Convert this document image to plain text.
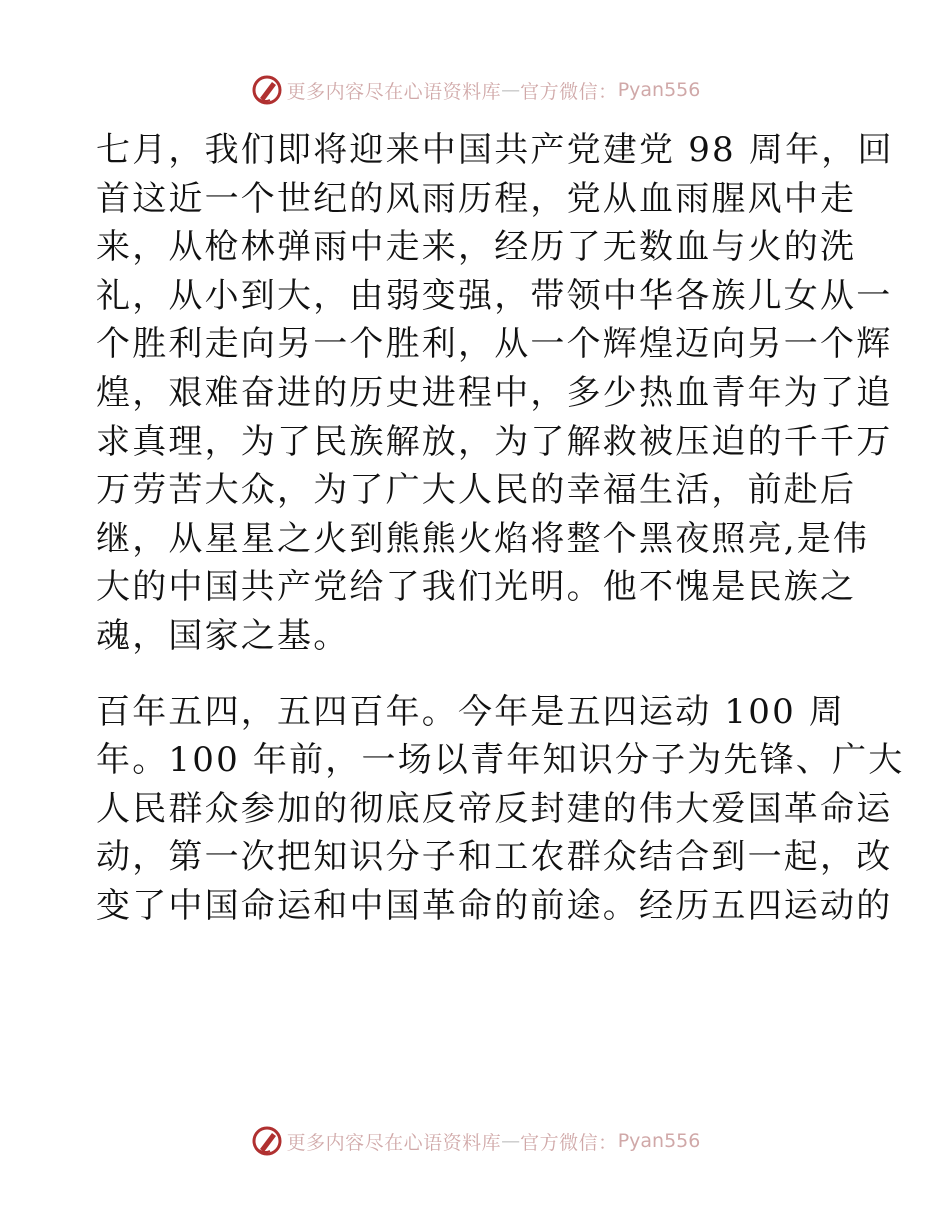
更多内容尽在心语资料库 — 官方微信： Pyan556

七月，我们即将迎来中国共产党建党 98 周年，回
首这近一个世纪的风雨历程，党从血雨腥风中走
来，从枪林弹雨中走来，经历了无数血与火的洗
礼，从小到大，由弱变强，带领中华各族儿女从一
个胜利走向另一个胜利，从一个辉煌迈向另一个辉
煌，艰难奋进的历史进程中，多少热血青年为了追
求真理，为了民族解放，为了解救被压迫的千千万
万劳苦大众，为了广大人民的幸福生活，前赴后
继，从星星之火到熊熊火焰将整个黑夜照亮,是伟
大的中国共产党给了我们光明。他不愧是民族之
魂，国家之基。

百年五四，五四百年。今年是五四运动 100 周
年。100 年前，一场以青年知识分子为先锋、广大
人民群众参加的彻底反帝反封建的伟大爱国革命运
动，第一次把知识分子和工农群众结合到一起，改
变了中国命运和中国革命的前途。经历五四运动的

更多内容尽在心语资料库 — 官方微信： Pyan556
